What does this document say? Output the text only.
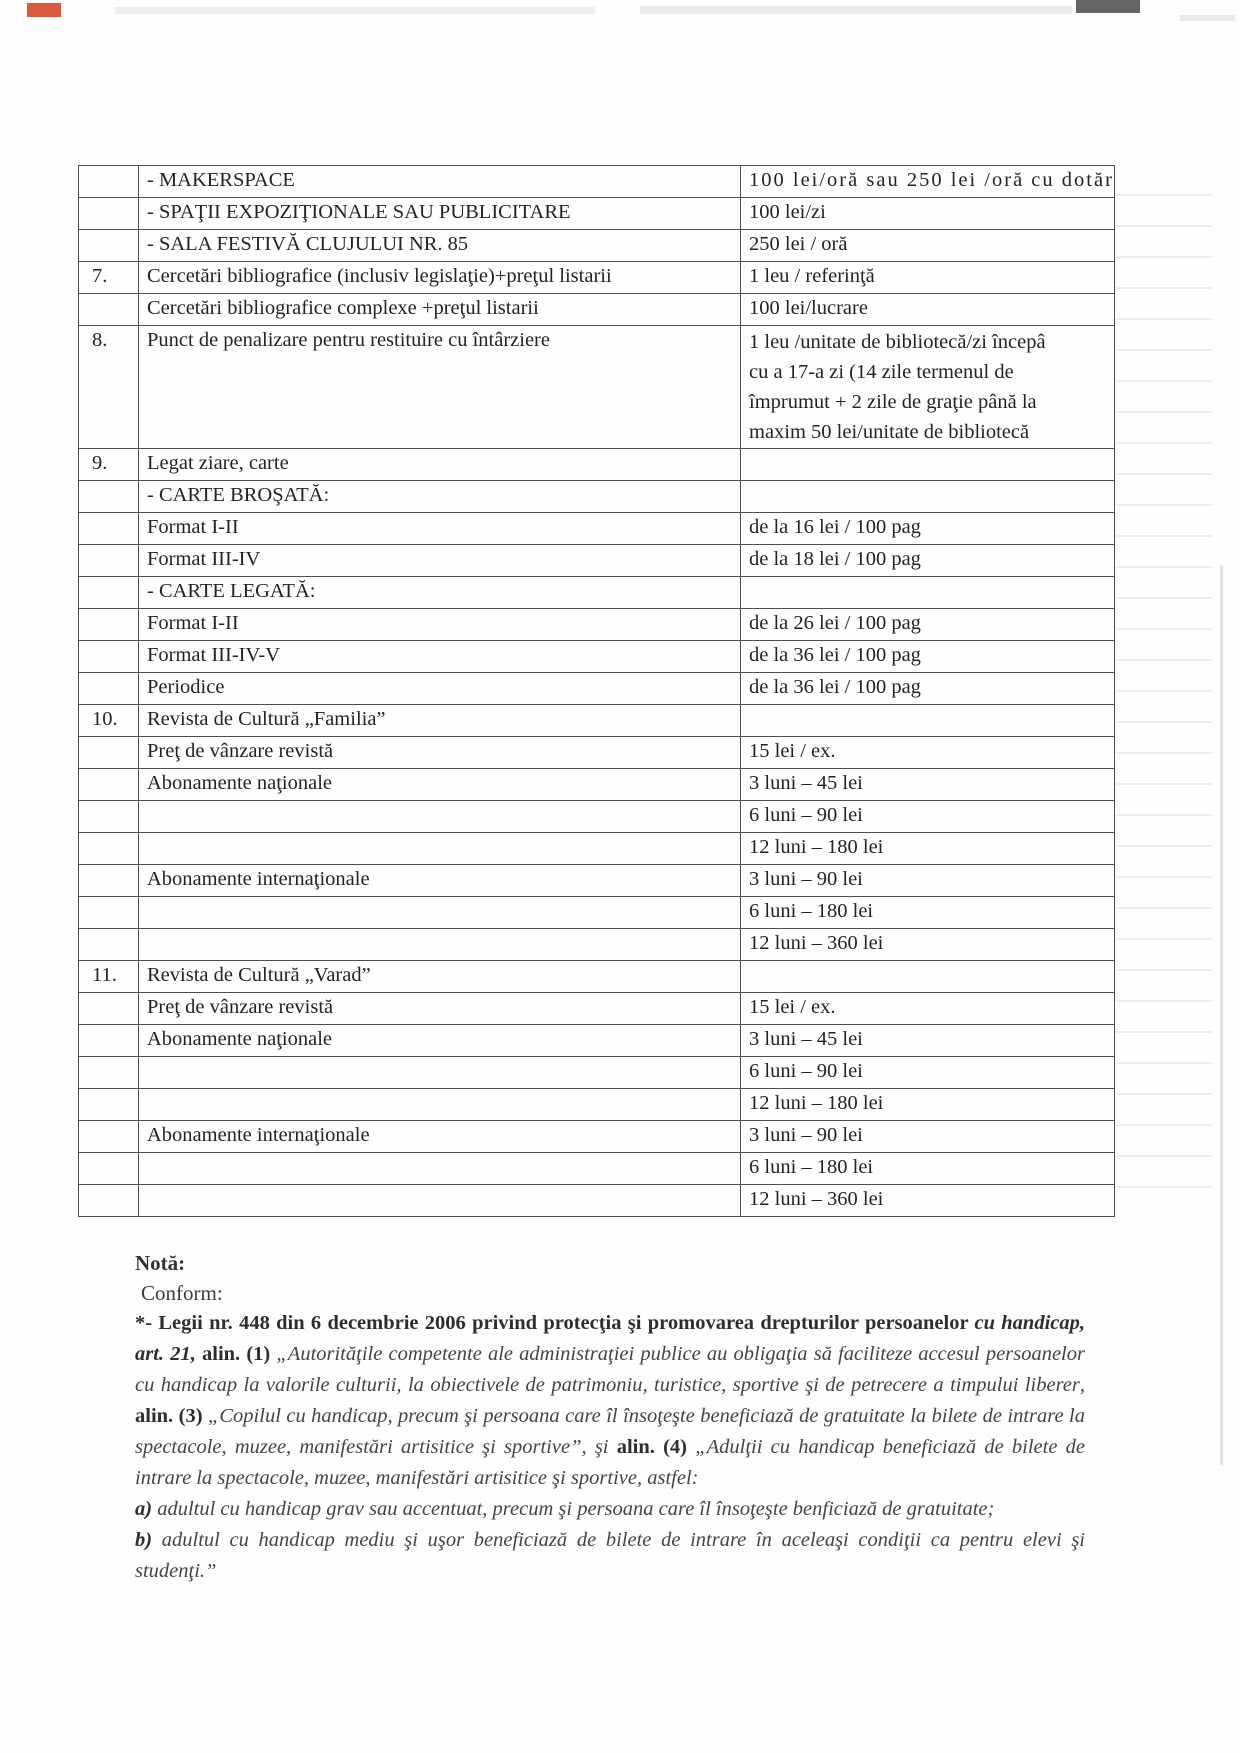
	- MAKERSPACE	100 lei/oră sau 250 lei /oră cu dotăr

	- SPAŢII EXPOZIŢIONALE SAU PUBLICITARE	100 lei/zi

	- SALA FESTIVĂ CLUJULUI NR. 85	250 lei / oră

7.	Cercetări bibliografice (inclusiv legislaţie)+preţul listarii	1 leu / referinţă

	Cercetări bibliografice complexe +preţul listarii	100 lei/lucrare

8.	Punct de penalizare pentru restituire cu întârziere	1 leu /unitate de bibliotecă/zi începâ
cu a 17-a zi (14 zile termenul de
împrumut + 2 zile de graţie până la
maxim 50 lei/unitate de bibliotecă

9.	Legat ziare, carte	

	- CARTE BROŞATĂ:	

	Format I-II	de la 16 lei / 100 pag

	Format III-IV	de la 18 lei / 100 pag

	- CARTE LEGATĂ:	

	Format I-II	de la 26 lei / 100 pag

	Format III-IV-V	de la 36 lei / 100 pag

	Periodice	de la 36 lei / 100 pag

10.	Revista de Cultură „Familia”	

	Preţ de vânzare revistă	15 lei / ex.

	Abonamente naţionale	3 luni – 45 lei

		6 luni – 90 lei

		12 luni – 180 lei

	Abonamente internaţionale	3 luni – 90 lei

		6 luni – 180 lei

		12 luni – 360 lei

11.	Revista de Cultură „Varad”	

	Preţ de vânzare revistă	15 lei / ex.

	Abonamente naţionale	3 luni – 45 lei

		6 luni – 90 lei

		12 luni – 180 lei

	Abonamente internaţionale	3 luni – 90 lei

		6 luni – 180 lei

		12 luni – 360 lei
Notă:
Conform:

*- Legii nr. 448 din 6 decembrie 2006 privind protecţia şi promovarea drepturilor persoanelor cu handicap, art. 21, alin. (1) „Autorităţile competente ale administraţiei publice au obligaţia să faciliteze accesul persoanelor cu handicap la valorile culturii, la obiectivele de patrimoniu, turistice, sportive şi de petrecere a timpului liberer, alin. (3) „Copilul cu handicap, precum şi persoana care îl însoţeşte beneficiază de gratuitate la bilete de intrare la spectacole, muzee, manifestări artisitice şi sportive”, şi alin. (4) „Adulţii cu handicap beneficiază de bilete de intrare la spectacole, muzee, manifestări artisitice şi sportive, astfel:

a) adultul cu handicap grav sau accentuat, precum şi persoana care îl însoţeşte benficiază de gratuitate;

b) adultul cu handicap mediu şi uşor beneficiază de bilete de intrare în aceleaşi condiţii ca pentru elevi şi studenţi.”
